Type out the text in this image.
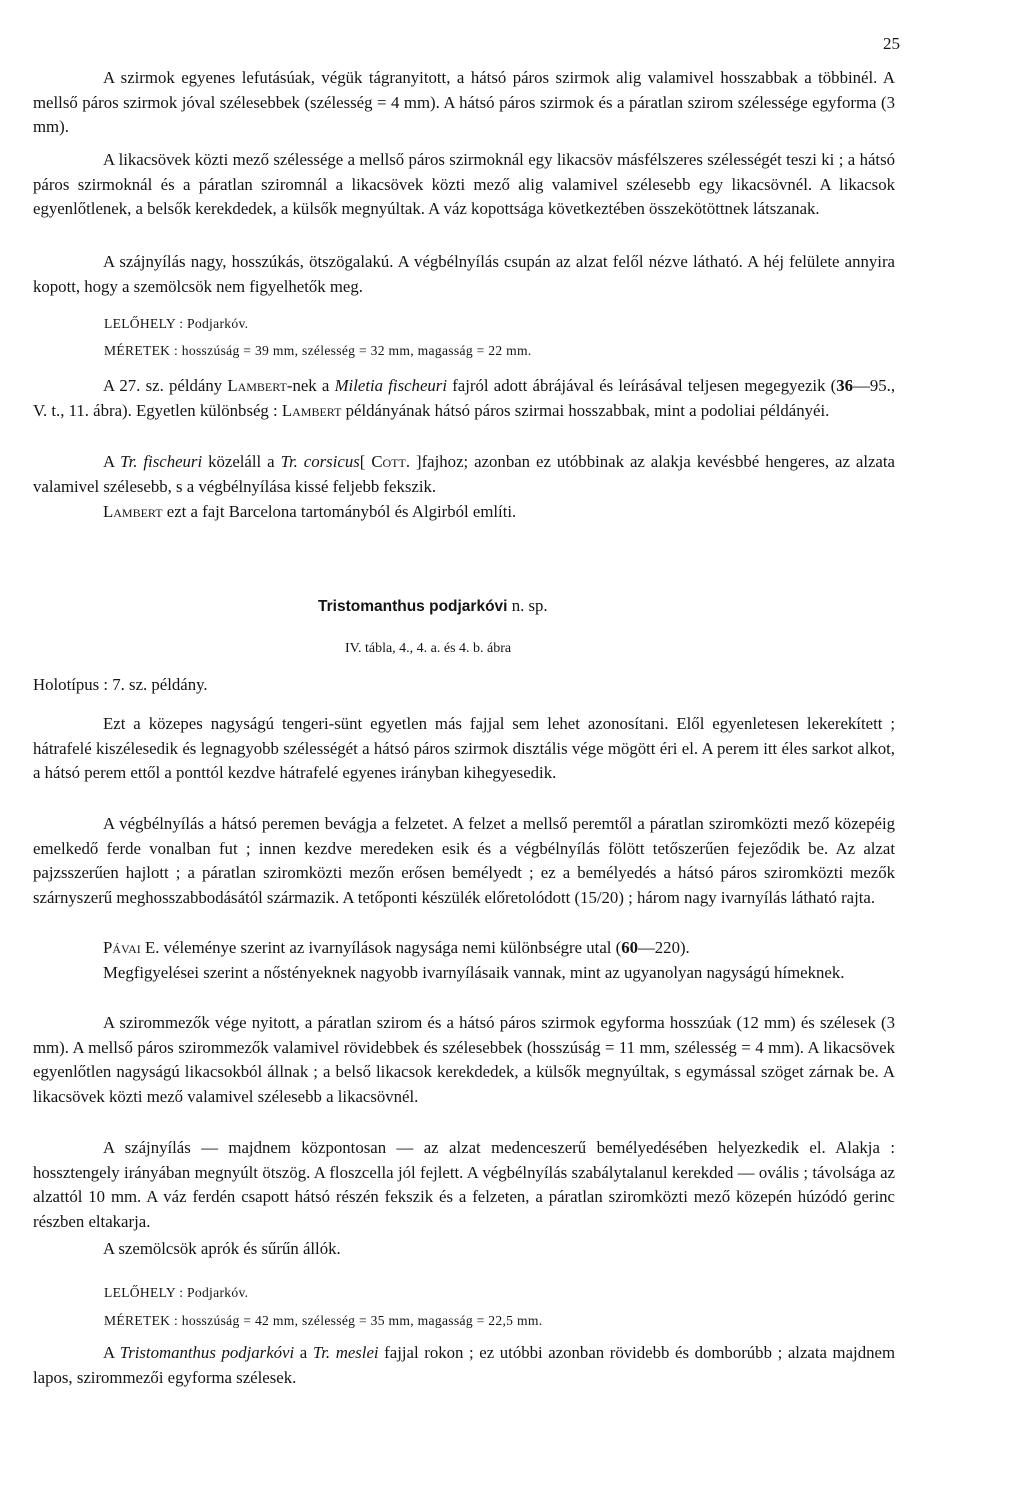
25
A szirmok egyenes lefutásúak, végük tágranyitott, a hátsó páros szirmok alig valamivel hosszabbak a többinél. A mellső páros szirmok jóval szélesebbek (szélesség = 4 mm). A hátsó páros szirmok és a páratlan szirom szélessége egyforma (3 mm).
A likacsövek közti mező szélessége a mellső páros szirmoknál egy likacsöv másfélszeres szélességét teszi ki ; a hátsó páros szirmoknál és a páratlan sziromnál a likacsövek közti mező alig valamivel szélesebb egy likacsövnél. A likacsok egyenlőtlenek, a belsők kerekdedek, a külsők megnyúltak. A váz kopottsága következtében összekötöttnek látszanak.
A szájnyílás nagy, hosszúkás, ötszögalakú. A végbélnyílás csupán az alzat felől nézve látható. A héj felülete annyira kopott, hogy a szemölcsök nem figyelhetők meg.
LELŐHELY : Podjarkóv.
MÉRETEK : hosszúság = 39 mm, szélesség = 32 mm, magasság = 22 mm.
A 27. sz. példány Lambert-nek a Miletia fischeuri fajról adott ábrájával és leírásával teljesen megegyezik (36—95., V. t., 11. ábra). Egyetlen különbség : Lambert példányának hátsó páros szirmai hosszabbak, mint a podoliai példányéi.
A Tr. fischeuri közeláll a Tr. corsicus[ Cott. ]fajhoz; azonban ez utóbbinak az alakja kevésbbé hengeres, az alzata valamivel szélesebb, s a végbélnyílása kissé feljebb fekszik.
Lambert ezt a fajt Barcelona tartományból és Algirból említi.
Tristomanthus podjarkóvi n. sp.
IV. tábla, 4., 4. a. és 4. b. ábra
Holotípus : 7. sz. példány.
Ezt a közepes nagyságú tengeri-sünt egyetlen más fajjal sem lehet azonosítani. Elől egyenletesen lekerekített ; hátrafelé kiszélesedik és legnagyobb szélességét a hátsó páros szirmok disztális vége mögött éri el. A perem itt éles sarkot alkot, a hátsó perem ettől a ponttól kezdve hátrafelé egyenes irányban kihegyesedik.
A végbélnyílás a hátsó peremen bevágja a felzetet. A felzet a mellső peremtől a páratlan sziromközti mező közepéig emelkedő ferde vonalban fut ; innen kezdve meredeken esik és a végbélnyílás fölött tetőszerűen fejeződik be. Az alzat pajzsszerűen hajlott ; a páratlan sziromközti mezőn erősen bemélyedt ; ez a bemélyedés a hátsó páros sziromközti mezők szárnyszerű meghosszabbodásától származik. A tetőponti készülék előretolódott (15/20) ; három nagy ivarnyílás látható rajta.
Pávai E. véleménye szerint az ivarnyílások nagysága nemi különbségre utal (60—220).
Megfigyelései szerint a nőstényeknek nagyobb ivarnyílásaik vannak, mint az ugyanolyan nagyságú hímeknek.
A szirommezők vége nyitott, a páratlan szirom és a hátsó páros szirmok egyforma hosszúak (12 mm) és szélesek (3 mm). A mellső páros szirommezők valamivel rövidebbek és szélesebbek (hosszúság = 11 mm, szélesség = 4 mm). A likacsövek egyenlőtlen nagyságú likacsokból állnak ; a belső likacsok kerekdedek, a külsők megnyúltak, s egymással szöget zárnak be. A likacsövek közti mező valamivel szélesebb a likacsövnél.
A szájnyílás — majdnem központosan — az alzat medenceszerű bemélyedésében helyezkedik el. Alakja : hossztengely irányában megnyúlt ötszög. A floszcella jól fejlett. A végbélnyílás szabálytalanul kerekded — ovális ; távolsága az alzattól 10 mm. A váz ferdén csapott hátsó részén fekszik és a felzeten, a páratlan sziromközti mező közepén húzódó gerinc részben eltakarja.
A szemölcsök aprók és sűrűn állók.
LELŐHELY : Podjarkóv.
MÉRETEK : hosszúság = 42 mm, szélesség = 35 mm, magasság = 22,5 mm.
A Tristomanthus podjarkóvi a Tr. meslei fajjal rokon ; ez utóbbi azonban rövidebb és domborúbb ; alzata majdnem lapos, szirommezői egyforma szélesek.
